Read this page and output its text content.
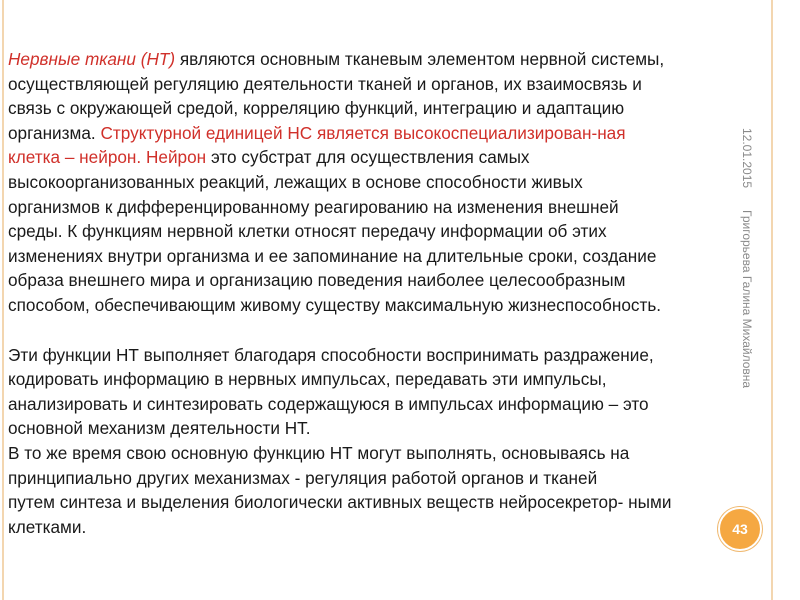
Нервные ткани (НТ) являются основным тканевым элементом нервной системы,
осуществляющей регуляцию деятельности тканей и органов, их взаимосвязь и
связь с окружающей средой, корреляцию функций, интеграцию и адаптацию
организма. Структурной единицей НС является высокоспециализирован-ная
клетка – нейрон. Нейрон это субстрат для осуществления самых
высокоорганизованных реакций, лежащих в основе способности живых
организмов к дифференцированному реагированию на изменения внешней
среды. К функциям нервной клетки относят передачу информации об этих
изменениях внутри организма и ее запоминание на длительные сроки, создание
образа внешнего мира и организацию поведения наиболее целесообразным
способом, обеспечивающим живому существу максимальную жизнеспособность.
Эти функции НТ выполняет благодаря способности воспринимать раздражение,
кодировать информацию в нервных импульсах, передавать эти импульсы,
анализировать и синтезировать содержащуюся в импульсах информацию – это
основной механизм деятельности НТ.
В то же время свою основную функцию НТ могут выполнять, основываясь на
принципиально других механизмах - регуляция работой органов и тканей
путем синтеза и выделения биологически активных веществ нейросекретор- ными
клетками.
12.01.2015
Григорьева Галина Михайловна
43
